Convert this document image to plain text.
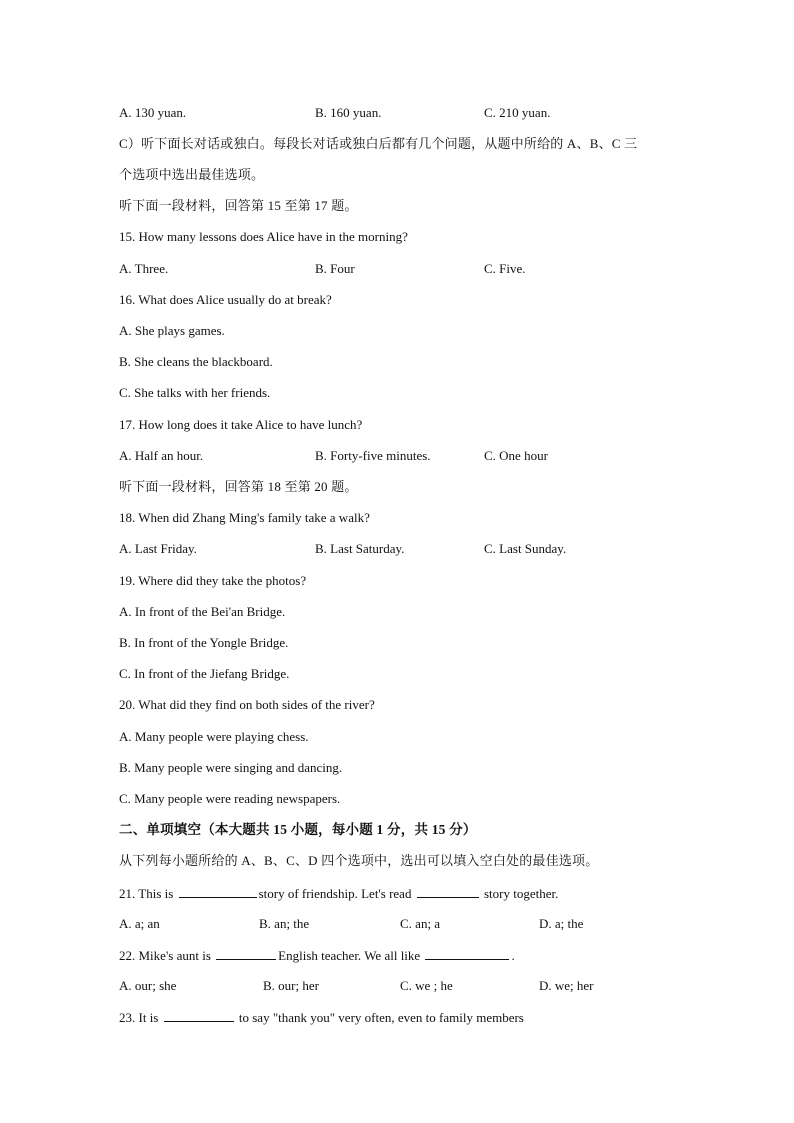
A. 130 yuan.	B. 160 yuan.	C. 210 yuan.
C）听下面长对话或独白。每段长对话或独白后都有几个问题，从题中所给的 A、B、C 三
个选项中选出最佳选项。
听下面一段材料，回答第 15 至第 17 题。
15. How many lessons does Alice have in the morning?
A. Three.	B. Four	C. Five.
16. What does Alice usually do at break?
A. She plays games.
B. She cleans the blackboard.
C. She talks with her friends.
17. How long does it take Alice to have lunch?
A. Half an hour.	B. Forty-five minutes.	C. One hour
听下面一段材料，回答第 18 至第 20 题。
18. When did Zhang Ming's family take a walk?
A. Last Friday.	B. Last Saturday.	C. Last Sunday.
19. Where did they take the photos?
A. In front of the Bei'an Bridge.
B. In front of the Yongle Bridge.
C. In front of the Jiefang Bridge.
20. What did they find on both sides of the river?
A. Many people were playing chess.
B. Many people were singing and dancing.
C. Many people were reading newspapers.
二、单项填空（本大题共 15 小题，每小题 1 分，共 15 分）
从下列每小题所给的 A、B、C、D 四个选项中，选出可以填入空白处的最佳选项。
21. This is	story of friendship. Let's read	story together.
A. a; an	B. an; the	C. an; a	D. a; the
22. Mike's aunt is	English teacher. We all like	.
A. our; she	B. our; her	C. we ; he	D. we; her
23. It is	to say "thank you" very often, even to family members
